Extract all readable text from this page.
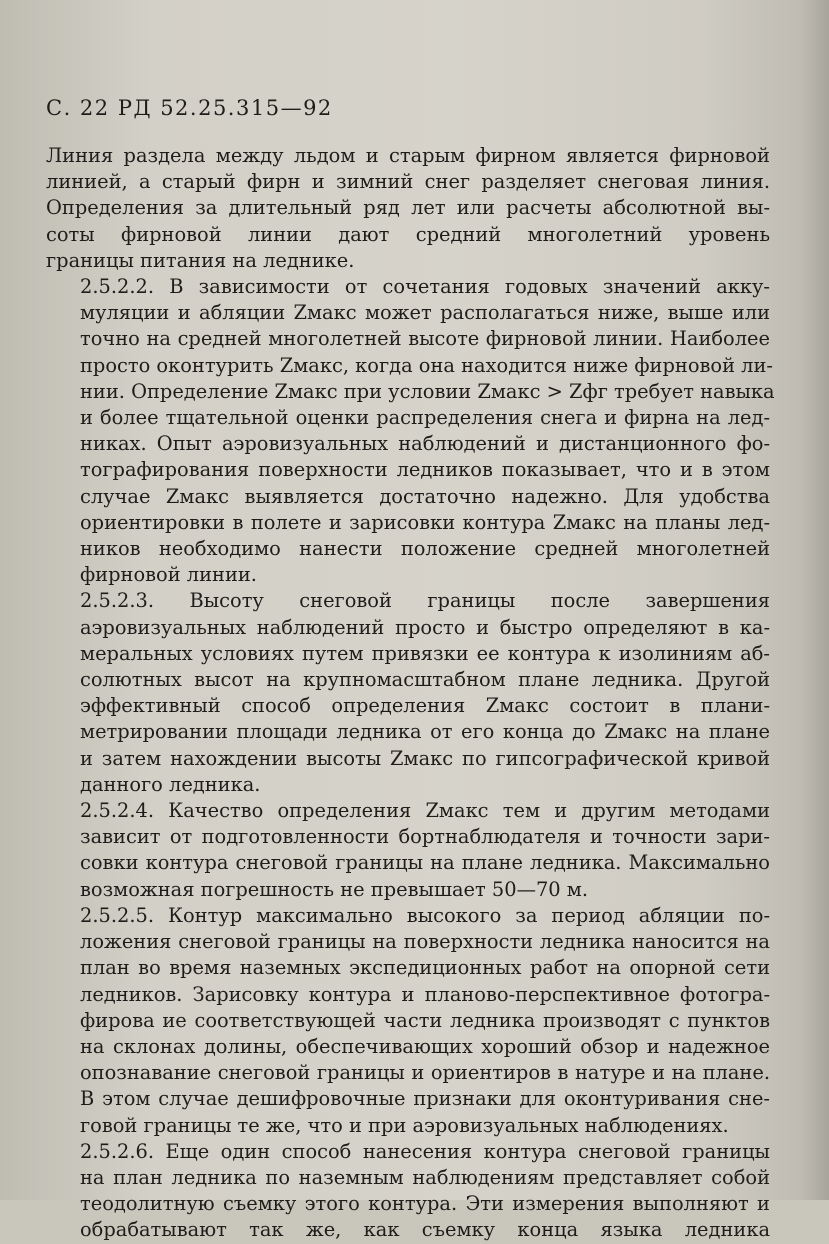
С. 22 РД 52.25.315—92

Линия раздела между льдом и старым фирном является фирновой
линией, а старый фирн и зимний снег разделяет снеговая линия.
Определения за длительный ряд лет или расчеты абсолютной вы-
соты фирновой линии дают средний многолетний уровень
границы питания на леднике.

2.5.2.2. В зависимости от сочетания годовых значений акку-
муляции и абляции Zмакс может располагаться ниже, выше или
точно на средней многолетней высоте фирновой линии. Наиболее
просто оконтурить Zмакс, когда она находится ниже фирновой ли-
нии. Определение Zмакс при условии Zмакс > Zфг требует навыка
и более тщательной оценки распределения снега и фирна на лед-
никах. Опыт аэровизуальных наблюдений и дистанционного фо-
тографирования поверхности ледников показывает, что и в этом
случае Zмакс выявляется достаточно надежно. Для удобства
ориентировки в полете и зарисовки контура Zмакс на планы лед-
ников необходимо нанести положение средней многолетней
фирновой линии.

2.5.2.3. Высоту снеговой границы после завершения
аэровизуальных наблюдений просто и быстро определяют в ка-
меральных условиях путем привязки ее контура к изолиниям аб-
солютных высот на крупномасштабном плане ледника. Другой
эффективный способ определения Zмакс состоит в плани-
метрировании площади ледника от его конца до Zмакс на плане
и затем нахождении высоты Zмакс по гипсографической кривой
данного ледника.

2.5.2.4. Качество определения Zмакс тем и другим методами
зависит от подготовленности бортнаблюдателя и точности зари-
совки контура снеговой границы на плане ледника. Максимально
возможная погрешность не превышает 50—70 м.

2.5.2.5. Контур максимально высокого за период абляции по-
ложения снеговой границы на поверхности ледника наносится на
план во время наземных экспедиционных работ на опорной сети
ледников. Зарисовку контура и планово-перспективное фотогра-
фирова ие соответствующей части ледника производят с пунктов
на склонах долины, обеспечивающих хороший обзор и надежное
опознавание снеговой границы и ориентиров в натуре и на плане.
В этом случае дешифровочные признаки для оконтуривания сне-
говой границы те же, что и при аэровизуальных наблюдениях.

2.5.2.6. Еще один способ нанесения контура снеговой границы
на план ледника по наземным наблюдениям представляет собой
теодолитную съемку этого контура. Эти измерения выполняют и
обрабатывают так же, как съемку конца языка ледника
